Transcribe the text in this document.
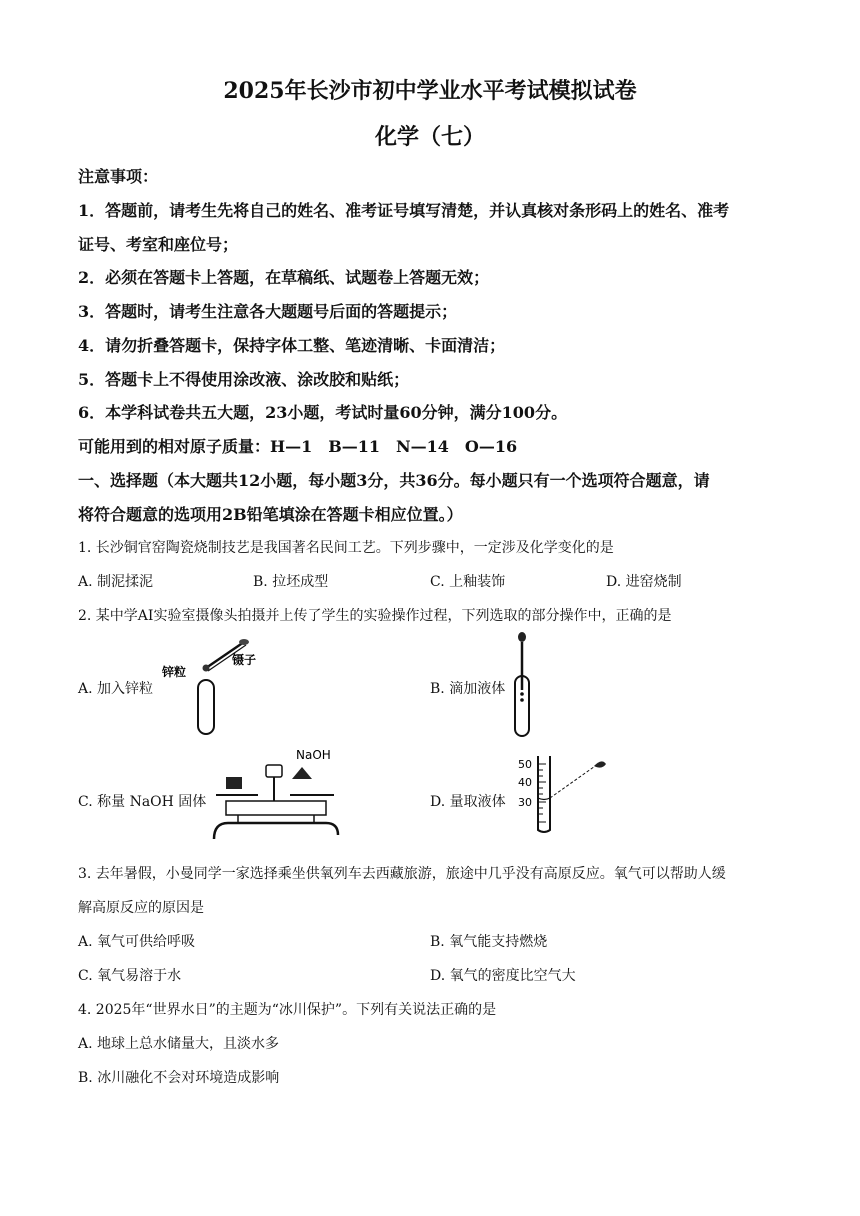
2025年长沙市初中学业水平考试模拟试卷
化学（七）
注意事项：
1．答题前，请考生先将自己的姓名、准考证号填写清楚，并认真核对条形码上的姓名、准考
证号、考室和座位号；
2．必须在答题卡上答题，在草稿纸、试题卷上答题无效；
3．答题时，请考生注意各大题题号后面的答题提示；
4．请勿折叠答题卡，保持字体工整、笔迹清晰、卡面清洁；
5．答题卡上不得使用涂改液、涂改胶和贴纸；
6．本学科试卷共五大题，23小题，考试时量60分钟，满分100分。
可能用到的相对原子质量：H—1　B—11　N—14　O—16
一、选择题（本大题共12小题，每小题3分，共36分。每小题只有一个选项符合题意，请
将符合题意的选项用2B铅笔填涂在答题卡相应位置。）
1. 长沙铜官窑陶瓷烧制技艺是我国著名民间工艺。下列步骤中，一定涉及化学变化的是
A. 制泥揉泥	B. 拉坯成型	C. 上釉装饰	D. 进窑烧制
2. 某中学AI实验室摄像头拍摄并上传了学生的实验操作过程，下列选取的部分操作中，正确的是
A. 加入锌粒
锌粒
镊子
B. 滴加液体
C. 称量 NaOH 固体
NaOH
D. 量取液体
50
40
30
3. 去年暑假，小曼同学一家选择乘坐供氧列车去西藏旅游，旅途中几乎没有高原反应。氧气可以帮助人缓
解高原反应的原因是
A. 氧气可供给呼吸	B. 氧气能支持燃烧
C. 氧气易溶于水	D. 氧气的密度比空气大
4. 2025年“世界水日”的主题为“冰川保护”。下列有关说法正确的是
A. 地球上总水储量大，且淡水多
B. 冰川融化不会对环境造成影响
